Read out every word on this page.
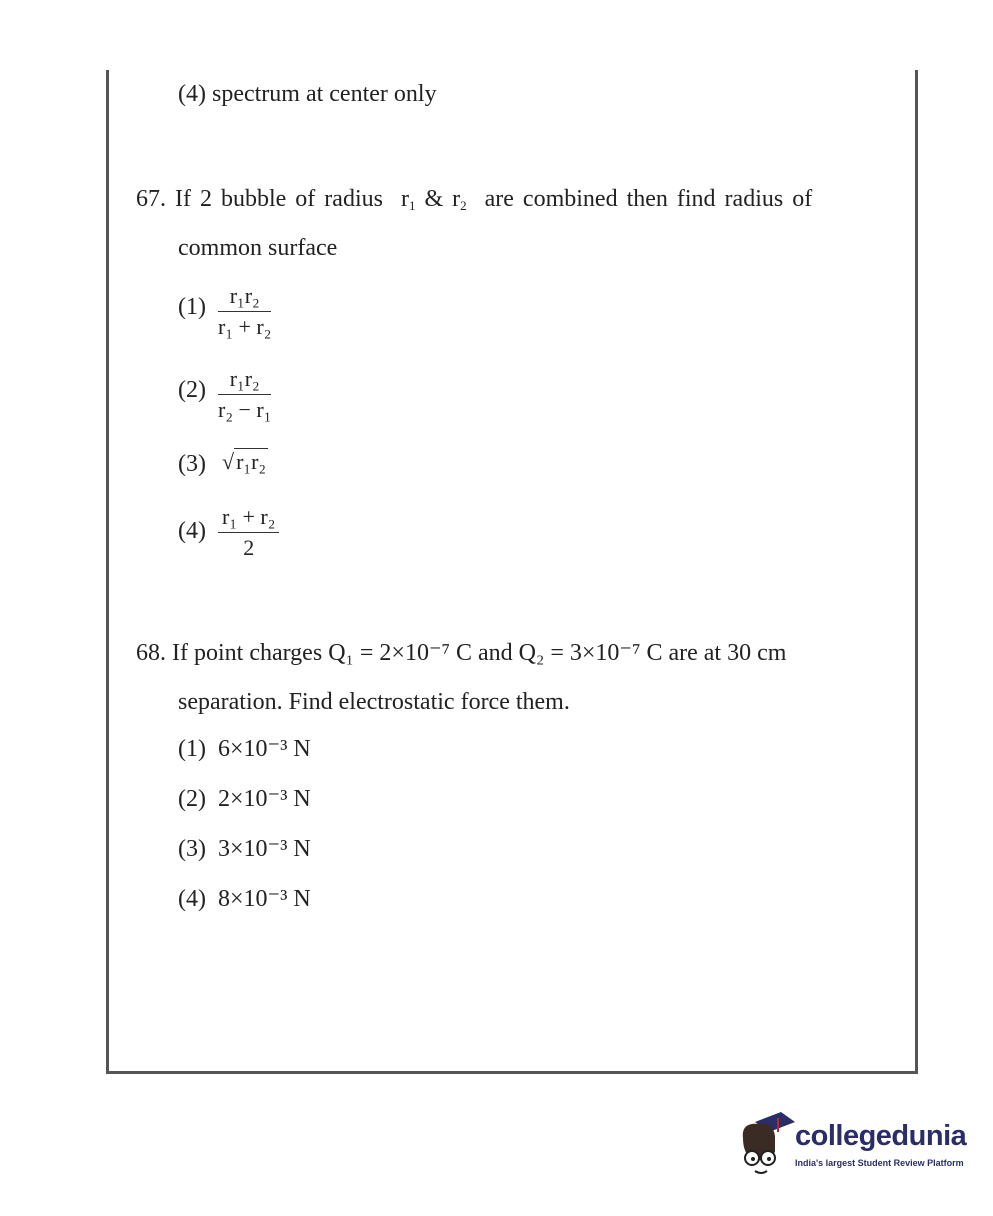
(4) spectrum at center only
67. If 2 bubble of radius  $r_1$ & $r_2$ are combined then find radius of
common surface
$(1) \frac{\text{r₁r₂}}{\text{r₁ + r₂}}$
$(2) \frac{\text{r₁r₂}}{\text{r₂ − r₁}}$
(3) √r₁r₂
$(4) \frac{\text{r₁ + r₂}}{2}$
68. If point charges Q₁ = 2×10⁻⁷ C and Q₂ = 3×10⁻⁷ C are at 30 cm
separation. Find electrostatic force them.
(1) 6×10⁻³ N
(2) 2×10⁻³ N
(3) 3×10⁻³ N
(4) 8×10⁻³ N
collegedunia
India's largest Student Review Platform
